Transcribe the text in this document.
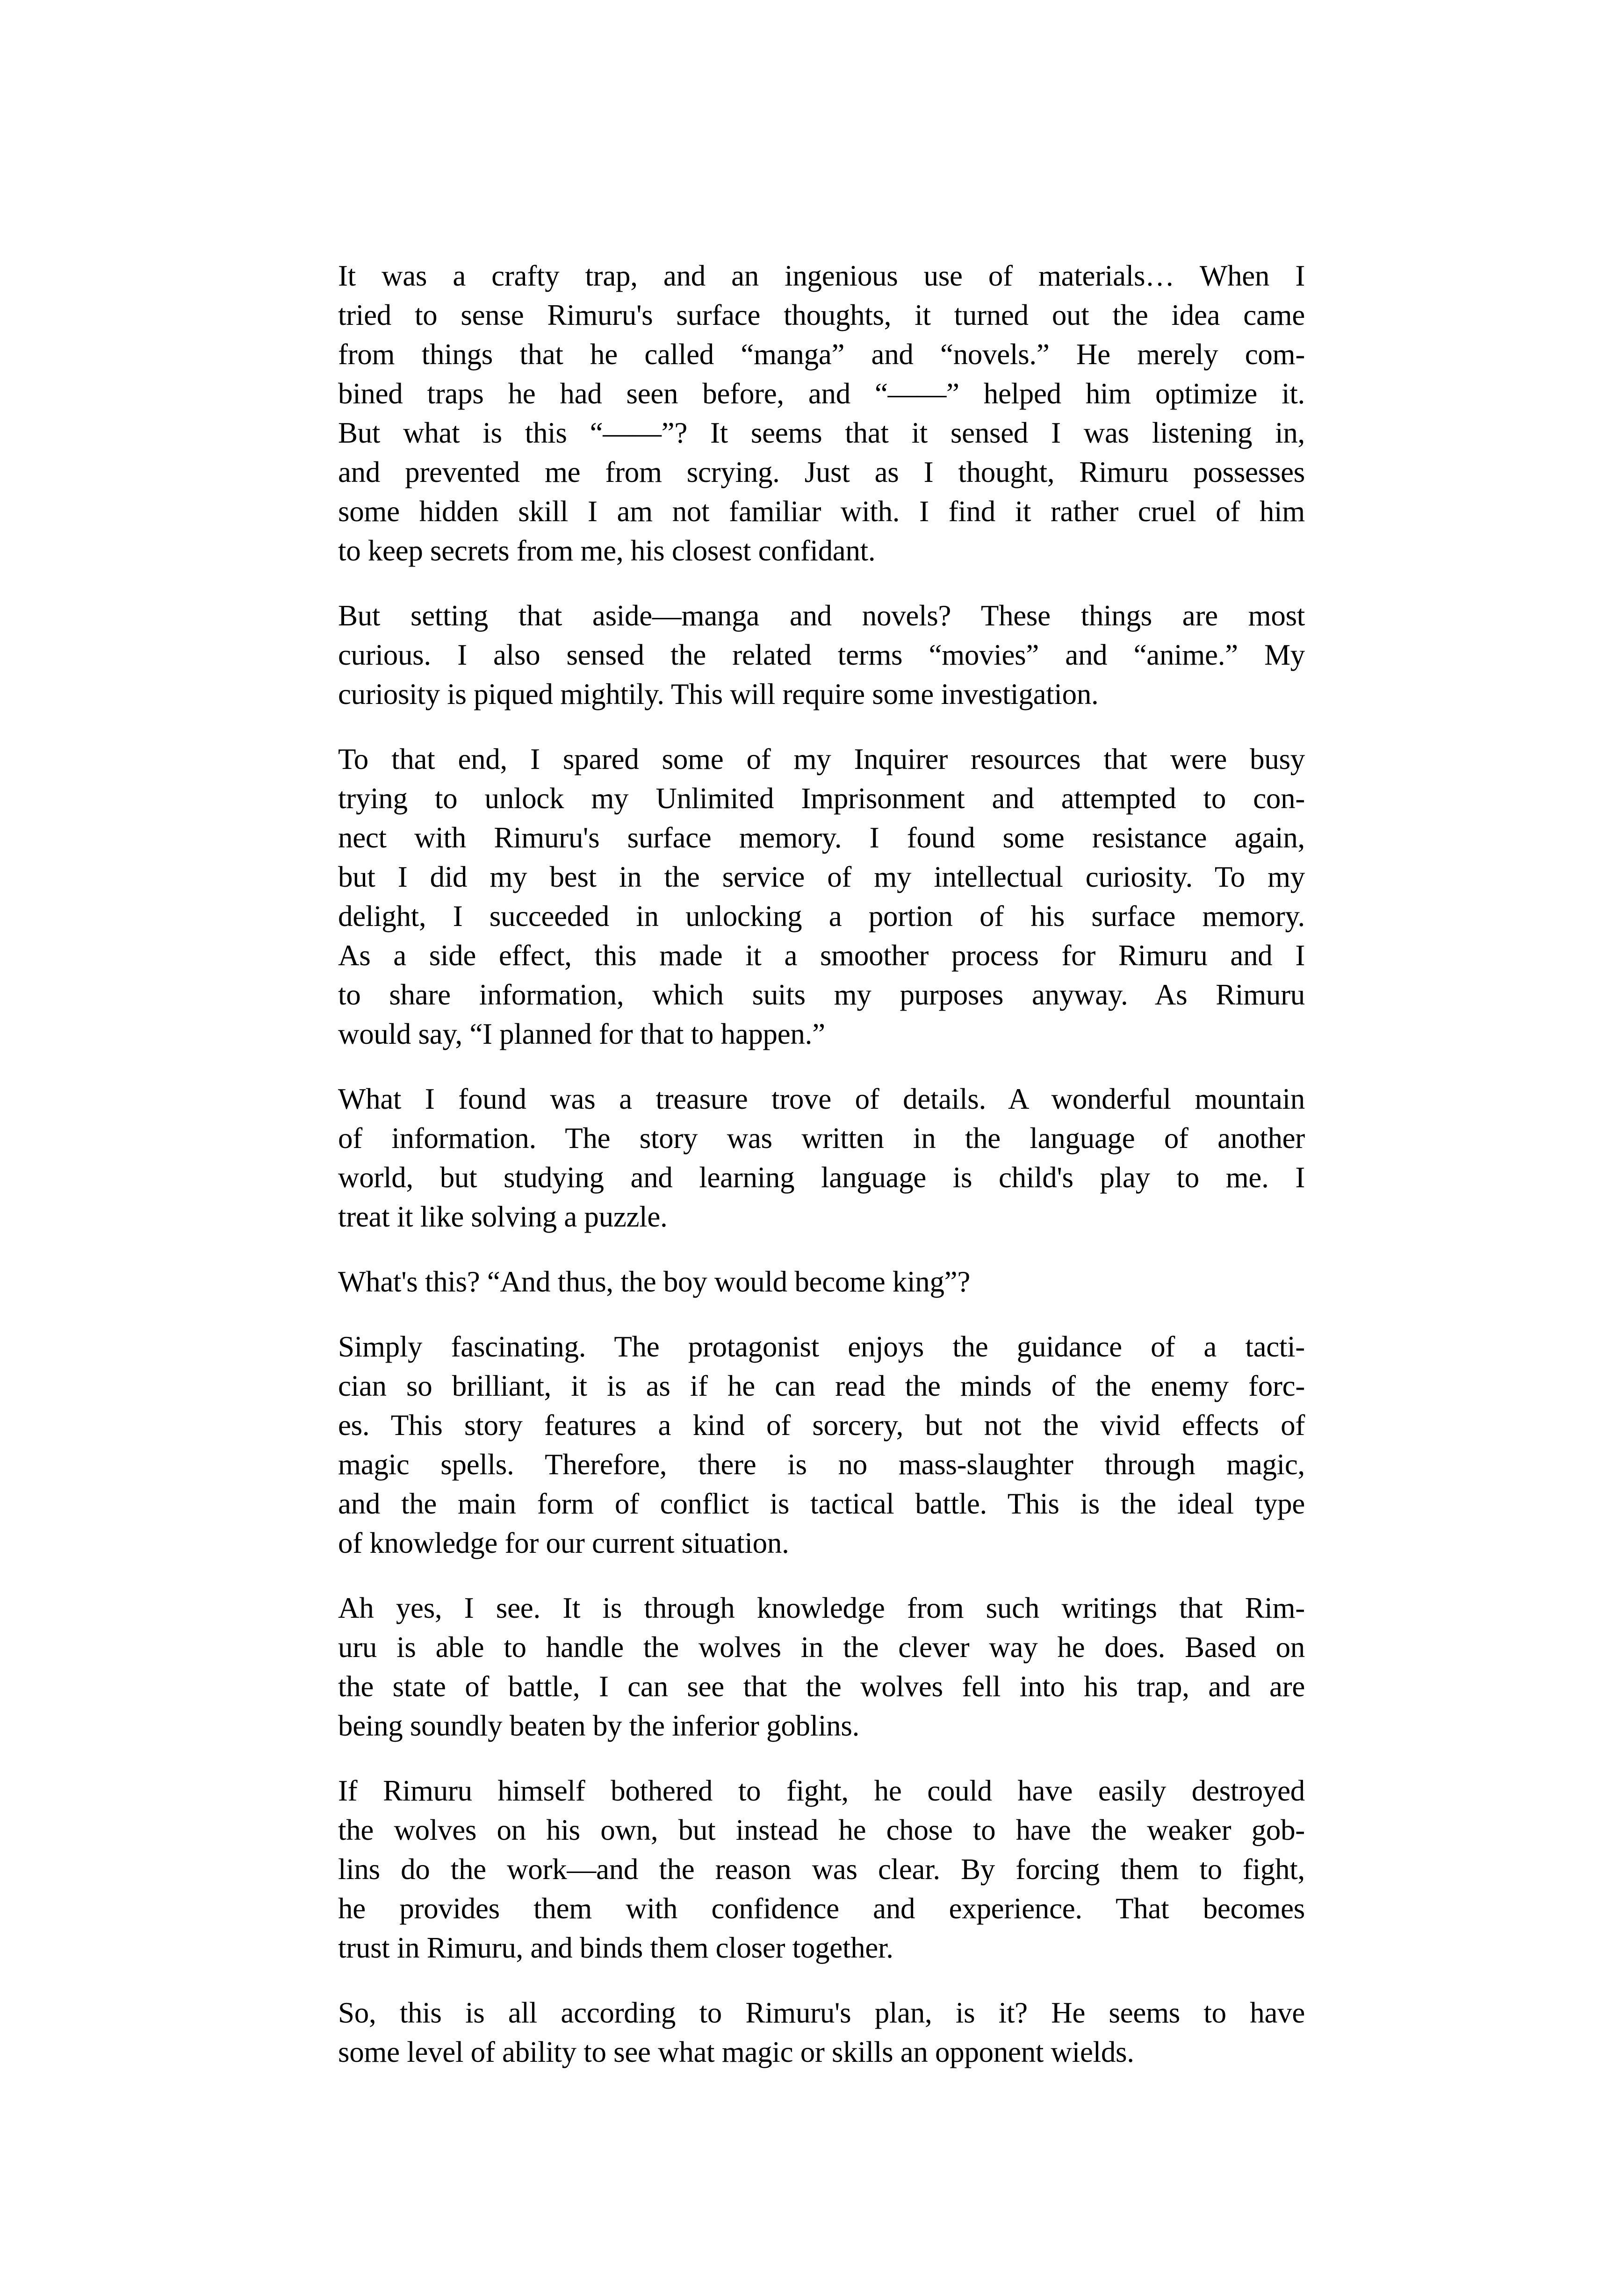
It was a crafty trap, and an ingenious use of materials… When I
tried to sense Rimuru's surface thoughts, it turned out the idea came
from things that he called “manga” and “novels.” He merely com-
bined traps he had seen before, and “——” helped him optimize it.
But what is this “——”? It seems that it sensed I was listening in,
and prevented me from scrying. Just as I thought, Rimuru possesses
some hidden skill I am not familiar with. I find it rather cruel of him
to keep secrets from me, his closest confidant.

But setting that aside—manga and novels? These things are most
curious. I also sensed the related terms “movies” and “anime.” My
curiosity is piqued mightily. This will require some investigation.

To that end, I spared some of my Inquirer resources that were busy
trying to unlock my Unlimited Imprisonment and attempted to con-
nect with Rimuru's surface memory. I found some resistance again,
but I did my best in the service of my intellectual curiosity. To my
delight, I succeeded in unlocking a portion of his surface memory.
As a side effect, this made it a smoother process for Rimuru and I
to share information, which suits my purposes anyway. As Rimuru
would say, “I planned for that to happen.”

What I found was a treasure trove of details. A wonderful mountain
of information. The story was written in the language of another
world, but studying and learning language is child's play to me. I
treat it like solving a puzzle.

What's this? “And thus, the boy would become king”?

Simply fascinating. The protagonist enjoys the guidance of a tacti-
cian so brilliant, it is as if he can read the minds of the enemy forc-
es. This story features a kind of sorcery, but not the vivid effects of
magic spells. Therefore, there is no mass-slaughter through magic,
and the main form of conflict is tactical battle. This is the ideal type
of knowledge for our current situation.

Ah yes, I see. It is through knowledge from such writings that Rim-
uru is able to handle the wolves in the clever way he does. Based on
the state of battle, I can see that the wolves fell into his trap, and are
being soundly beaten by the inferior goblins.

If Rimuru himself bothered to fight, he could have easily destroyed
the wolves on his own, but instead he chose to have the weaker gob-
lins do the work—and the reason was clear. By forcing them to fight,
he provides them with confidence and experience. That becomes
trust in Rimuru, and binds them closer together.

So, this is all according to Rimuru's plan, is it? He seems to have
some level of ability to see what magic or skills an opponent wields.
